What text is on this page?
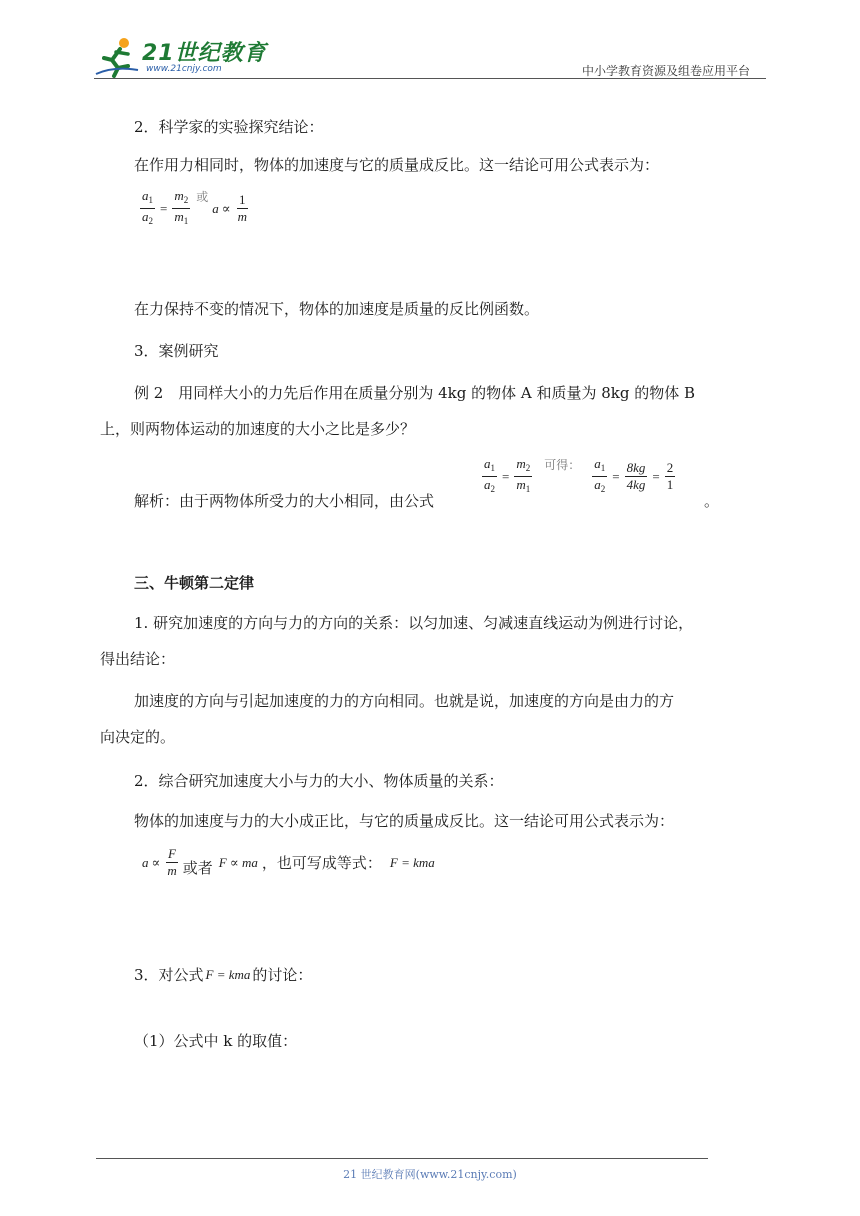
21世纪教育
www.21cnjy.com	中小学教育资源及组卷应用平台
2．科学家的实验探究结论：
在作用力相同时，物体的加速度与它的质量成反比。这一结论可用公式表示为：
$\frac{a_1}{a_2} = \frac{m_2}{m_1}$ 或
$a \propto \frac{1}{m}$
在力保持不变的情况下，物体的加速度是质量的反比例函数。
3．案例研究
例 2　用同样大小的力先后作用在质量分别为 4kg 的物体 A 和质量为 8kg 的物体 B
上，则两物体运动的加速度的大小之比是多少？
解析：由于两物体所受力的大小相同，由公式
$\frac{a_1}{a_2} = \frac{m_2}{m_1}$ 可得： $\frac{a_1}{a_2} = \frac{8kg}{4kg} = \frac{2}{1}$
。
三、牛顿第二定律
1. 研究加速度的方向与力的方向的关系：以匀加速、匀减速直线运动为例进行讨论，
得出结论：
加速度的方向与引起加速度的力的方向相同。也就是说，加速度的方向是由力的方
向决定的。
2．综合研究加速度大小与力的大小、物体质量的关系：
物体的加速度与力的大小成正比，与它的质量成反比。这一结论可用公式表示为：
$a \propto \frac{F}{m}$ 或者 F ∝ ma ，也可写成等式： F = kma
3．对公式 F = kma 的讨论：
（1）公式中 k 的取值：
21 世纪教育网(www.21cnjy.com)
